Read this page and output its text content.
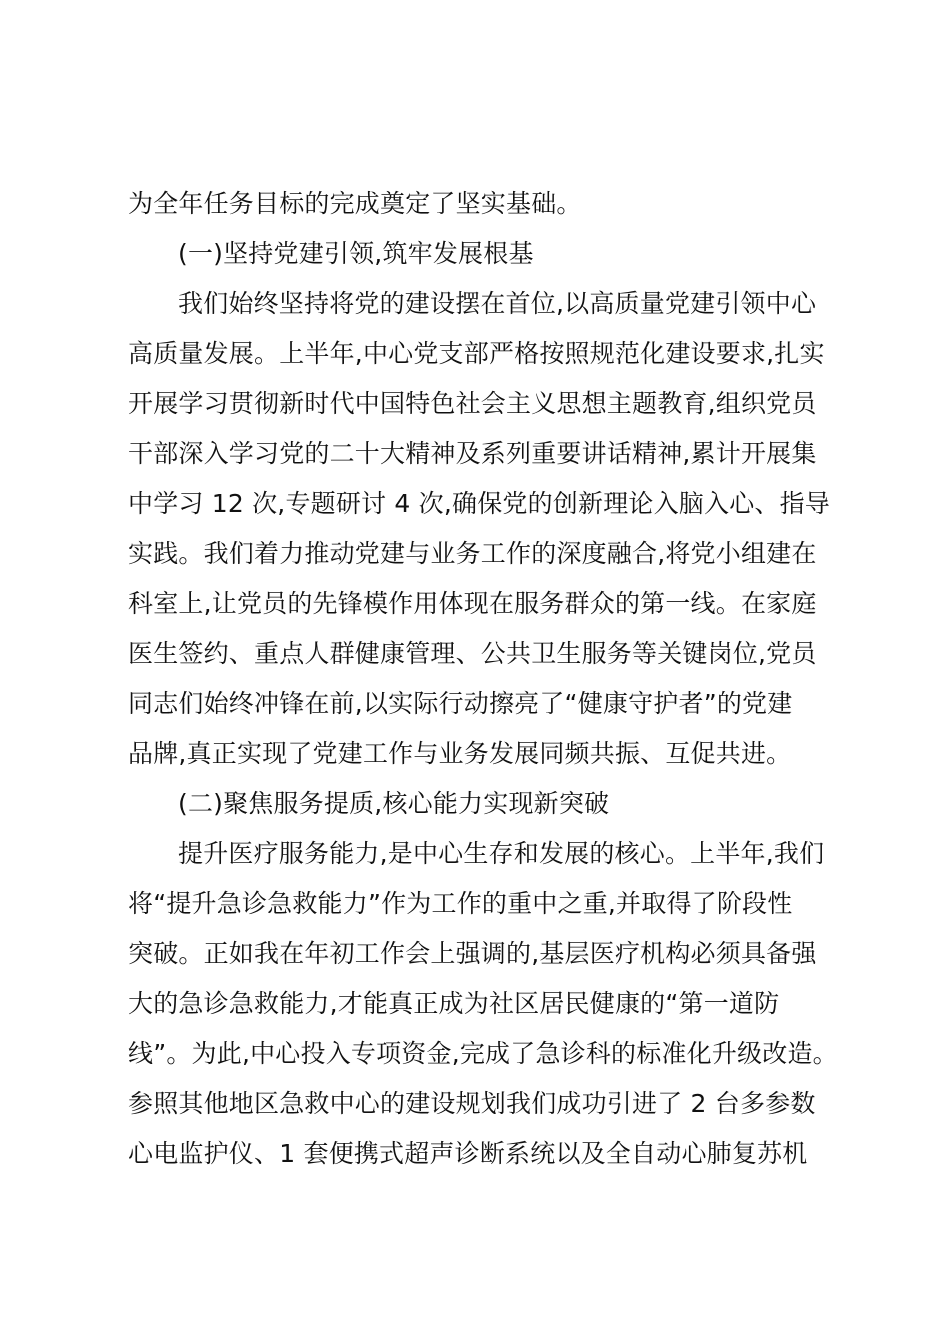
为全年任务目标的完成奠定了坚实基础。
(一)坚持党建引领,筑牢发展根基
我们始终坚持将党的建设摆在首位,以高质量党建引领中心
高质量发展。上半年,中心党支部严格按照规范化建设要求,扎实
开展学习贯彻新时代中国特色社会主义思想主题教育,组织党员
干部深入学习党的二十大精神及系列重要讲话精神,累计开展集
中学习 12 次,专题研讨 4 次,确保党的创新理论入脑入心、指导
实践。我们着力推动党建与业务工作的深度融合,将党小组建在
科室上,让党员的先锋模作用体现在服务群众的第一线。在家庭
医生签约、重点人群健康管理、公共卫生服务等关键岗位,党员
同志们始终冲锋在前,以实际行动擦亮了“健康守护者”的党建
品牌,真正实现了党建工作与业务发展同频共振、互促共进。
(二)聚焦服务提质,核心能力实现新突破
提升医疗服务能力,是中心生存和发展的核心。上半年,我们
将“提升急诊急救能力”作为工作的重中之重,并取得了阶段性
突破。正如我在年初工作会上强调的,基层医疗机构必须具备强
大的急诊急救能力,才能真正成为社区居民健康的“第一道防
线”。为此,中心投入专项资金,完成了急诊科的标准化升级改造。
参照其他地区急救中心的建设规划我们成功引进了 2 台多参数
心电监护仪、1 套便携式超声诊断系统以及全自动心肺复苏机
